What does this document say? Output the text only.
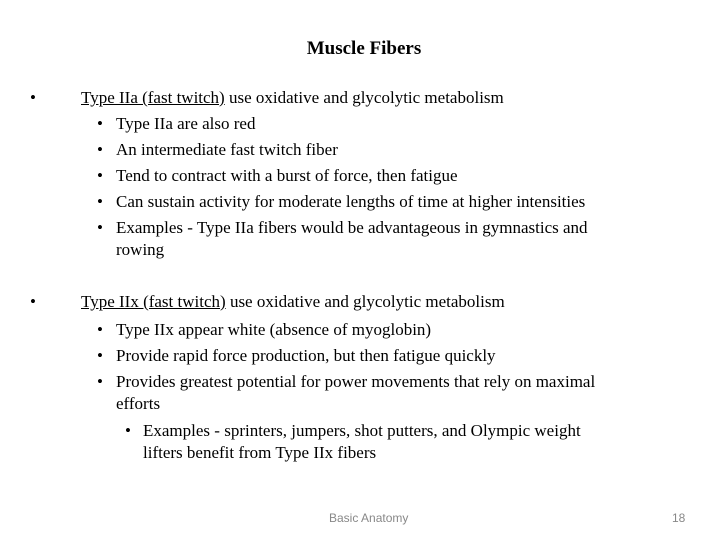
Muscle Fibers
•	Type IIa (fast twitch) use oxidative and glycolytic metabolism
• Type IIa are also red
• An intermediate fast twitch fiber
• Tend to contract with a burst of force, then fatigue
• Can sustain activity for moderate lengths of time at higher intensities
• Examples - Type IIa fibers would be advantageous in gymnastics and
rowing
•	Type IIx (fast twitch) use oxidative and glycolytic metabolism
• Type IIx appear white (absence of myoglobin)
• Provide rapid force production, but then fatigue quickly
• Provides greatest potential for power movements that rely on maximal
efforts
• Examples - sprinters, jumpers, shot putters, and Olympic weight
lifters benefit from Type IIx fibers
Basic Anatomy	18
